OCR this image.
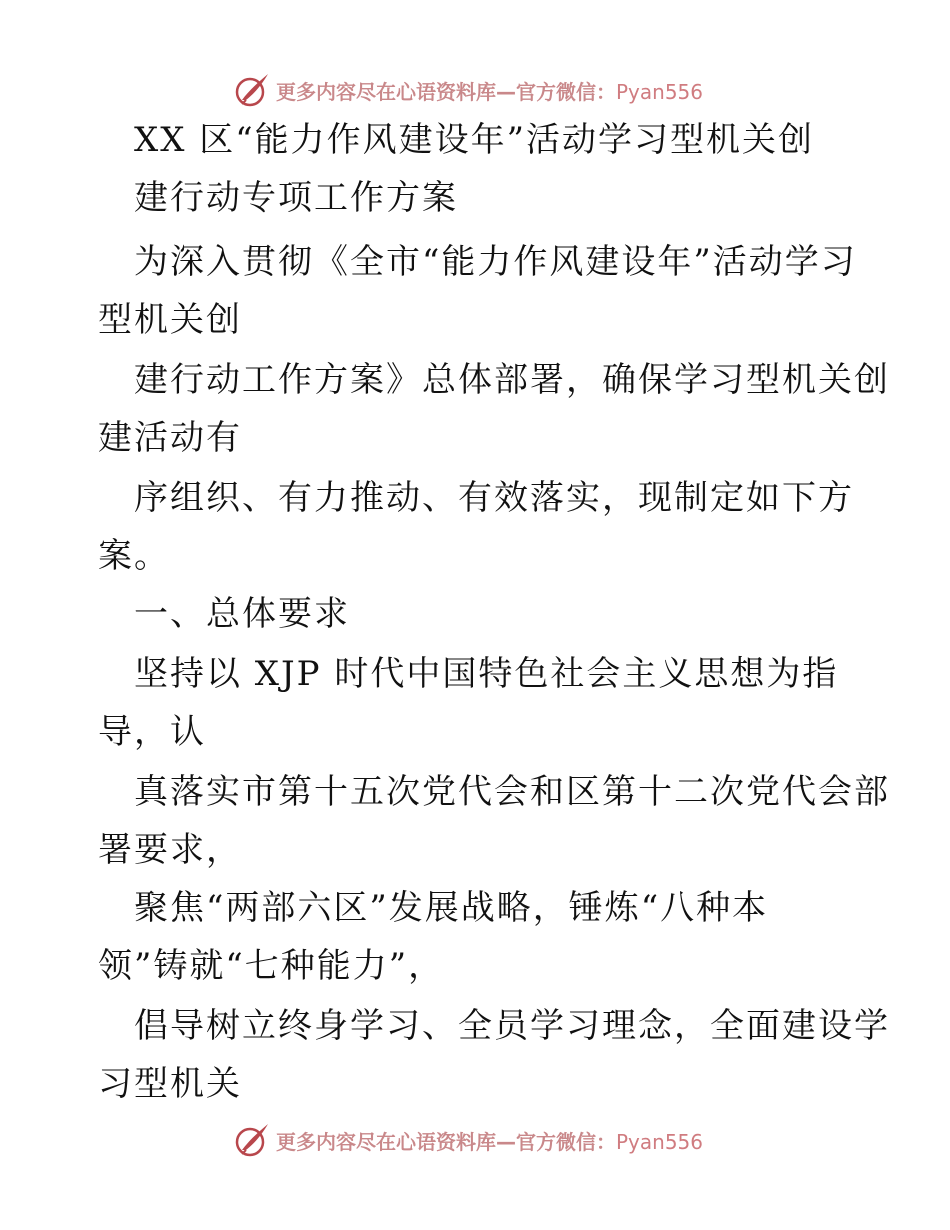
更多内容尽在心语资料库—官方微信：Pyan556
XX 区“能力作风建设年”活动学习型机关创
建行动专项工作方案
为深入贯彻《全市“能力作风建设年”活动学习
型机关创
建行动工作方案》总体部署，确保学习型机关创
建活动有
序组织、有力推动、有效落实，现制定如下方
案。
一、总体要求
坚持以 XJP 时代中国特色社会主义思想为指
导，认
真落实市第十五次党代会和区第十二次党代会部
署要求，
聚焦“两部六区”发展战略，锤炼“八种本
领”铸就“七种能力”，
倡导树立终身学习、全员学习理念，全面建设学
习型机关
更多内容尽在心语资料库—官方微信：Pyan556
